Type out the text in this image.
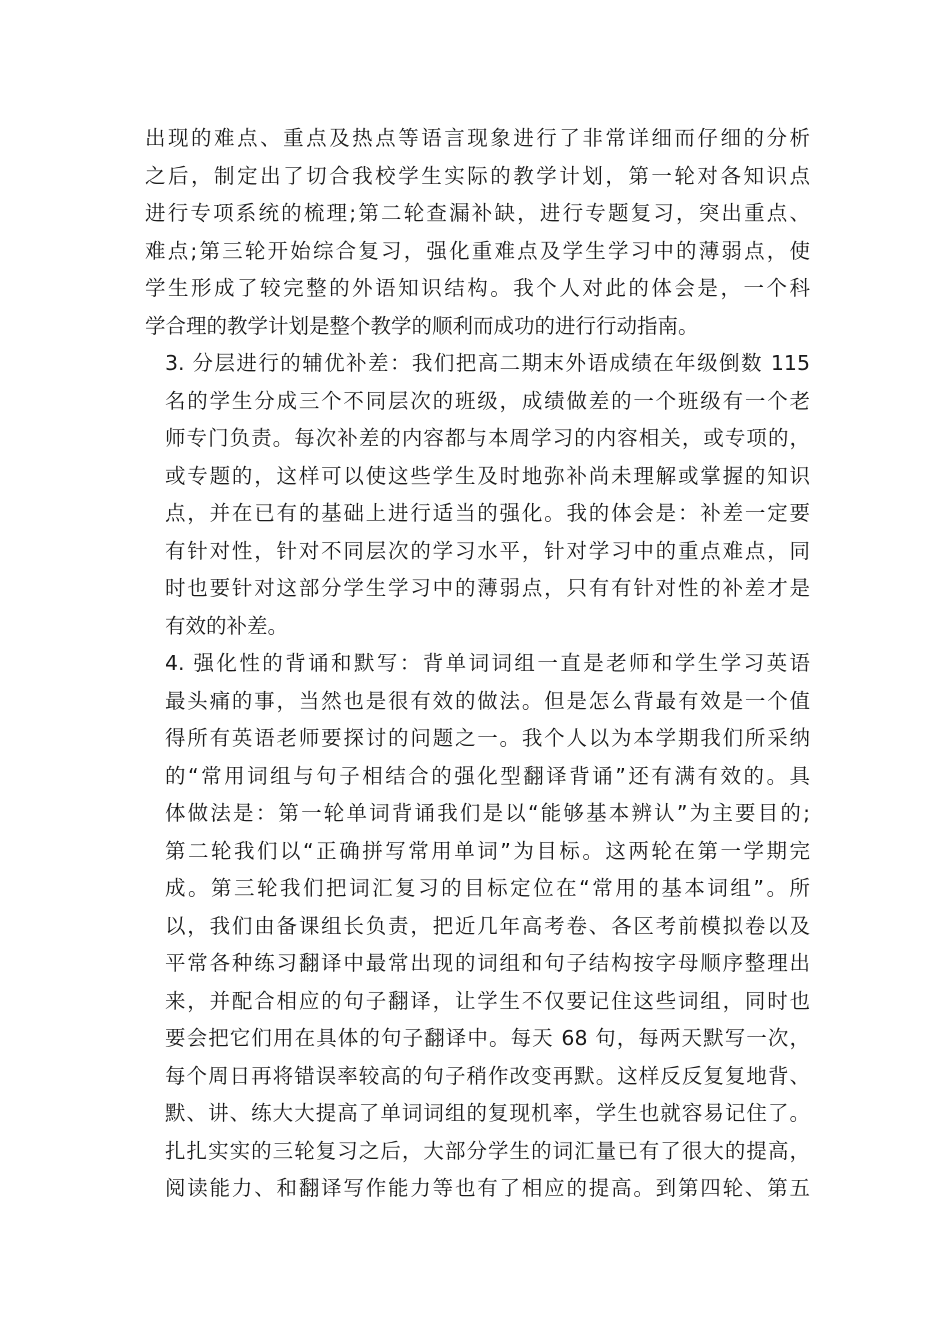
出现的难点、重点及热点等语言现象进行了非常详细而仔细的分析
之后，制定出了切合我校学生实际的教学计划，第一轮对各知识点
进行专项系统的梳理;第二轮查漏补缺，进行专题复习，突出重点、
难点;第三轮开始综合复习，强化重难点及学生学习中的薄弱点，使
学生形成了较完整的外语知识结构。我个人对此的体会是，一个科
学合理的教学计划是整个教学的顺利而成功的进行行动指南。
3. 分层进行的辅优补差：我们把高二期末外语成绩在年级倒数 115
名的学生分成三个不同层次的班级，成绩做差的一个班级有一个老
师专门负责。每次补差的内容都与本周学习的内容相关，或专项的，
或专题的，这样可以使这些学生及时地弥补尚未理解或掌握的知识
点，并在已有的基础上进行适当的强化。我的体会是：补差一定要
有针对性，针对不同层次的学习水平，针对学习中的重点难点，同
时也要针对这部分学生学习中的薄弱点，只有有针对性的补差才是
有效的补差。
4. 强化性的背诵和默写：背单词词组一直是老师和学生学习英语
最头痛的事，当然也是很有效的做法。但是怎么背最有效是一个值
得所有英语老师要探讨的问题之一。我个人以为本学期我们所采纳
的“常用词组与句子相结合的强化型翻译背诵”还有满有效的。具
体做法是：第一轮单词背诵我们是以“能够基本辨认”为主要目的;
第二轮我们以“正确拼写常用单词”为目标。这两轮在第一学期完
成。第三轮我们把词汇复习的目标定位在“常用的基本词组”。所
以，我们由备课组长负责，把近几年高考卷、各区考前模拟卷以及
平常各种练习翻译中最常出现的词组和句子结构按字母顺序整理出
来，并配合相应的句子翻译，让学生不仅要记住这些词组，同时也
要会把它们用在具体的句子翻译中。每天 68 句，每两天默写一次，
每个周日再将错误率较高的句子稍作改变再默。这样反反复复地背、
默、讲、练大大提高了单词词组的复现机率，学生也就容易记住了。
扎扎实实的三轮复习之后，大部分学生的词汇量已有了很大的提高，
阅读能力、和翻译写作能力等也有了相应的提高。到第四轮、第五
